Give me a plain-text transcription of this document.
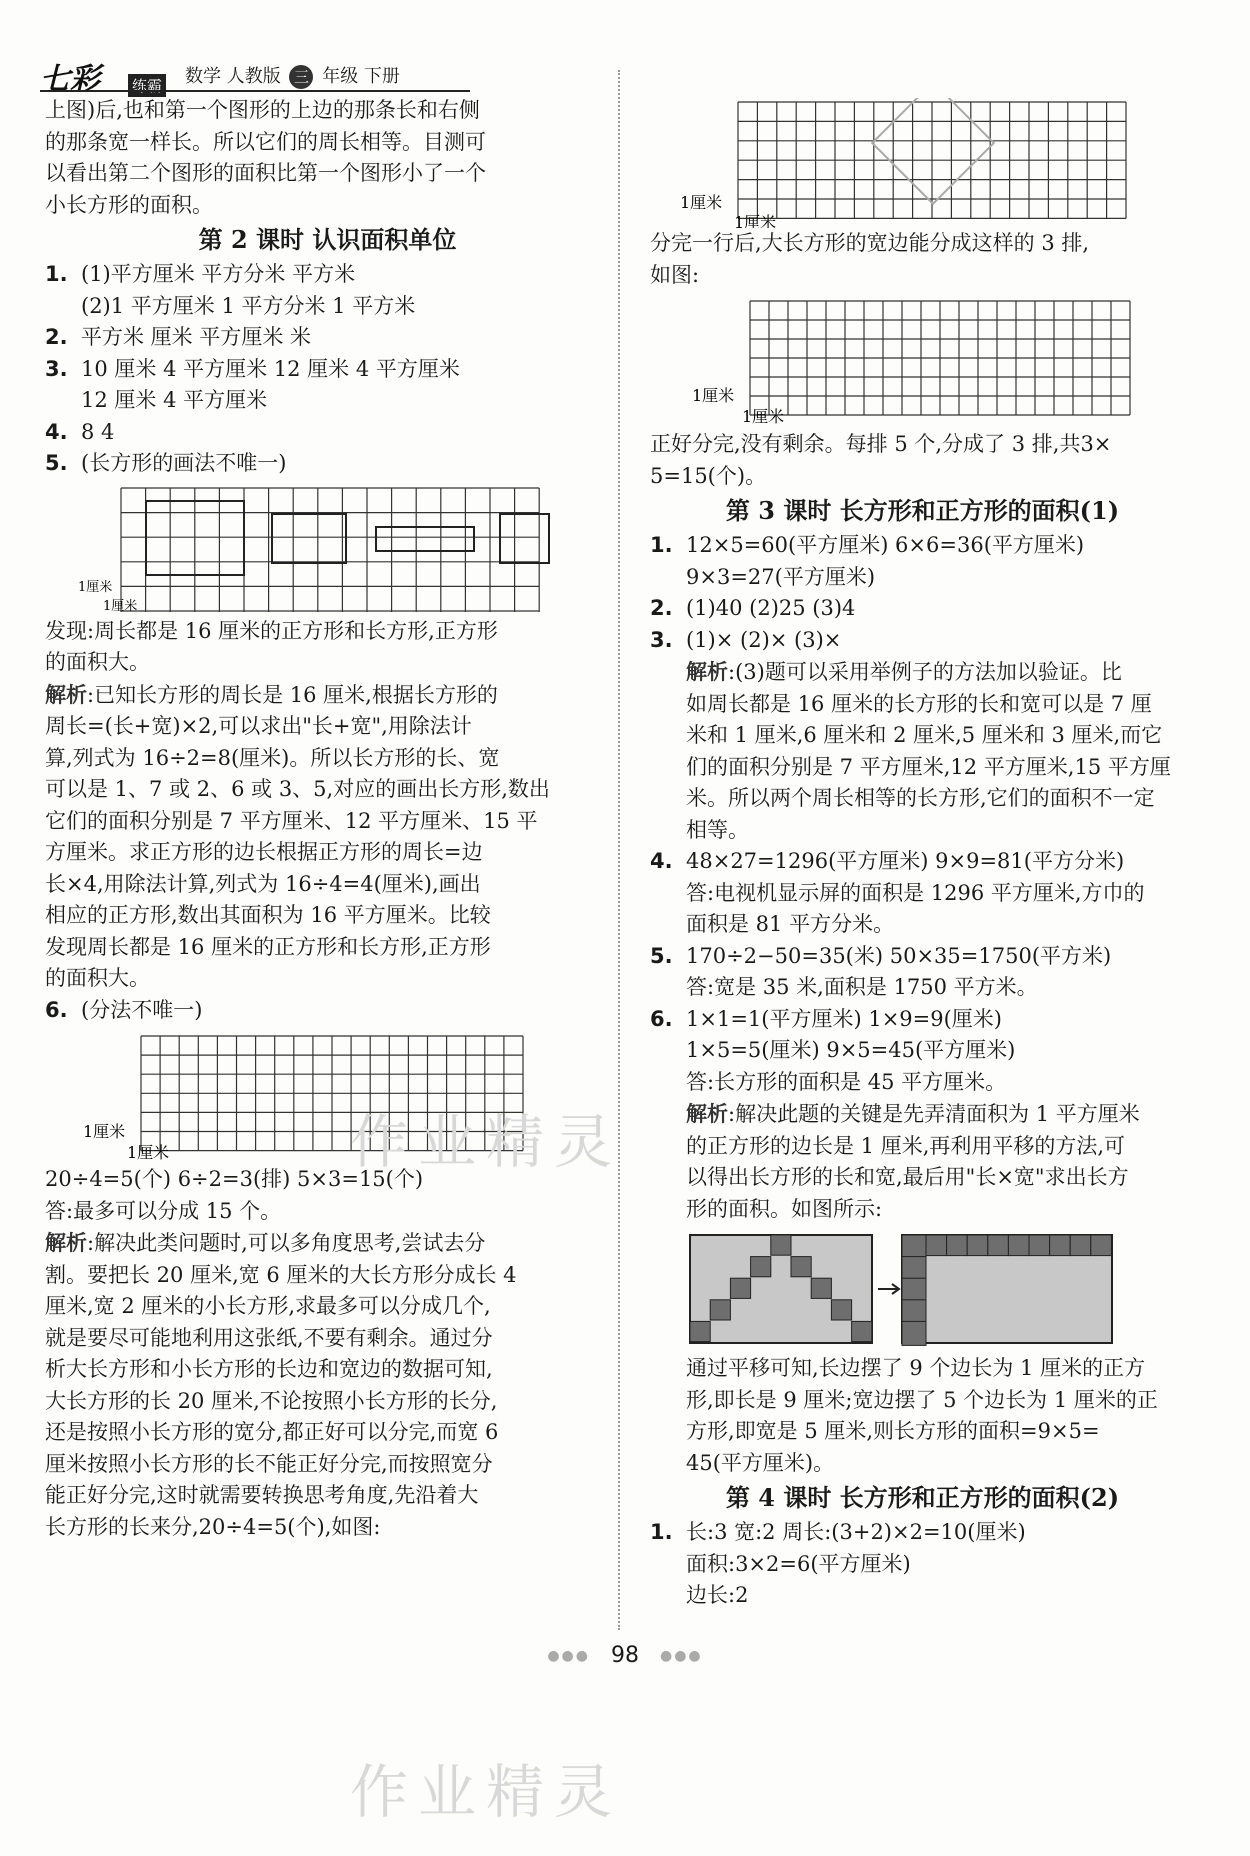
七彩 练霸 数学 人教版 三 年级 下册

上图)后,也和第一个图形的上边的那条长和右侧

的那条宽一样长。所以它们的周长相等。目测可

以看出第二个图形的面积比第一个图形小了一个

小长方形的面积。

第 2 课时 认识面积单位
1. (1)平方厘米 平方分米 平方米
(2)1 平方厘米 1 平方分米 1 平方米
2. 平方米 厘米 平方厘米 米
3. 10 厘米 4 平方厘米 12 厘米 4 平方厘米
12 厘米 4 平方厘米
4. 8 4
5. (长方形的画法不唯一)
1厘米
1厘米

发现:周长都是 16 厘米的正方形和长方形,正方形

的面积大。

解析:已知长方形的周长是 16 厘米,根据长方形的

周长=(长+宽)×2,可以求出"长+宽",用除法计

算,列式为 16÷2=8(厘米)。所以长方形的长、宽

可以是 1、7 或 2、6 或 3、5,对应的画出长方形,数出

它们的面积分别是 7 平方厘米、12 平方厘米、15 平

方厘米。求正方形的边长根据正方形的周长=边

长×4,用除法计算,列式为 16÷4=4(厘米),画出

相应的正方形,数出其面积为 16 平方厘米。比较

发现周长都是 16 厘米的正方形和长方形,正方形

的面积大。

6. (分法不唯一)
1厘米
1厘米

20÷4=5(个) 6÷2=3(排) 5×3=15(个)

答:最多可以分成 15 个。

解析:解决此类问题时,可以多角度思考,尝试去分

割。要把长 20 厘米,宽 6 厘米的大长方形分成长 4

厘米,宽 2 厘米的小长方形,求最多可以分成几个,

就是要尽可能地利用这张纸,不要有剩余。通过分

析大长方形和小长方形的长边和宽边的数据可知,

大长方形的长 20 厘米,不论按照小长方形的长分,

还是按照小长方形的宽分,都正好可以分完,而宽 6

厘米按照小长方形的长不能正好分完,而按照宽分

能正好分完,这时就需要转换思考角度,先沿着大

长方形的长来分,20÷4=5(个),如图:

1厘米
1厘米

分完一行后,大长方形的宽边能分成这样的 3 排,

如图:

1厘米
1厘米

正好分完,没有剩余。每排 5 个,分成了 3 排,共3×

5=15(个)。

第 3 课时 长方形和正方形的面积(1)
1. 12×5=60(平方厘米) 6×6=36(平方厘米)
9×3=27(平方厘米)
2. (1)40 (2)25 (3)4
3. (1)× (2)× (3)×

解析:(3)题可以采用举例子的方法加以验证。比

如周长都是 16 厘米的长方形的长和宽可以是 7 厘

米和 1 厘米,6 厘米和 2 厘米,5 厘米和 3 厘米,而它

们的面积分别是 7 平方厘米,12 平方厘米,15 平方厘

米。所以两个周长相等的长方形,它们的面积不一定

相等。

4. 48×27=1296(平方厘米) 9×9=81(平方分米)
答:电视机显示屏的面积是 1296 平方厘米,方巾的
面积是 81 平方分米。
5. 170÷2−50=35(米) 50×35=1750(平方米)
答:宽是 35 米,面积是 1750 平方米。
6. 1×1=1(平方厘米) 1×9=9(厘米)
1×5=5(厘米) 9×5=45(平方厘米)
答:长方形的面积是 45 平方厘米。

解析:解决此题的关键是先弄清面积为 1 平方厘米

的正方形的边长是 1 厘米,再利用平移的方法,可

以得出长方形的长和宽,最后用"长×宽"求出长方

形的面积。如图所示:

通过平移可知,长边摆了 9 个边长为 1 厘米的正方

形,即长是 9 厘米;宽边摆了 5 个边长为 1 厘米的正

方形,即宽是 5 厘米,则长方形的面积=9×5=

45(平方厘米)。

第 4 课时 长方形和正方形的面积(2)
1. 长:3 宽:2 周长:(3+2)×2=10(厘米)
面积:3×2=6(平方厘米)
边长:2
作业精灵
作业精灵
●●● 98 ●●●
